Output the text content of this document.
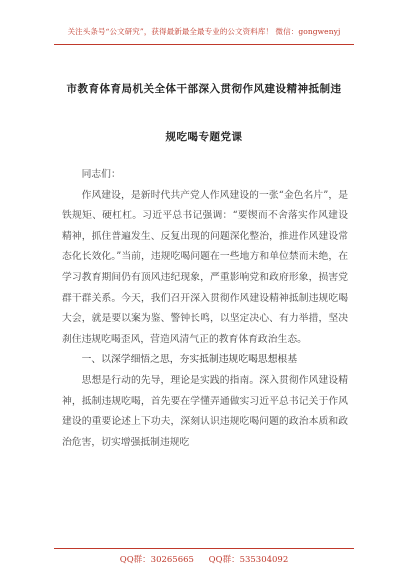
关注头条号“公文研究”，获得最新最全最专业的公文资料库！ 微信：gongwenyj
市教育体育局机关全体干部深入贯彻作风建设精神抵制违
规吃喝专题党课

同志们：

作风建设，是新时代共产党人作风建设的一张“金色名片”，是铁规矩、硬杠杠。习近平总书记强调：“要锲而不舍落实作风建设精神，抓住普遍发生、反复出现的问题深化整治，推进作风建设常态化长效化。”当前，违规吃喝问题在一些地方和单位禁而未绝，在学习教育期间仍有顶风违纪现象，严重影响党和政府形象，损害党群干群关系。今天，我们召开深入贯彻作风建设精神抵制违规吃喝大会，就是要以案为鉴、警钟长鸣，以坚定决心、有力举措，坚决刹住违规吃喝歪风，营造风清气正的教育体育政治生态。

一、以深学细悟之思，夯实抵制违规吃喝思想根基

思想是行动的先导，理论是实践的指南。深入贯彻作风建设精神，抵制违规吃喝，首先要在学懂弄通做实习近平总书记关于作风建设的重要论述上下功夫，深刻认识违规吃喝问题的政治本质和政治危害，切实增强抵制违规吃

QQ群：30265665 QQ群：535304092
